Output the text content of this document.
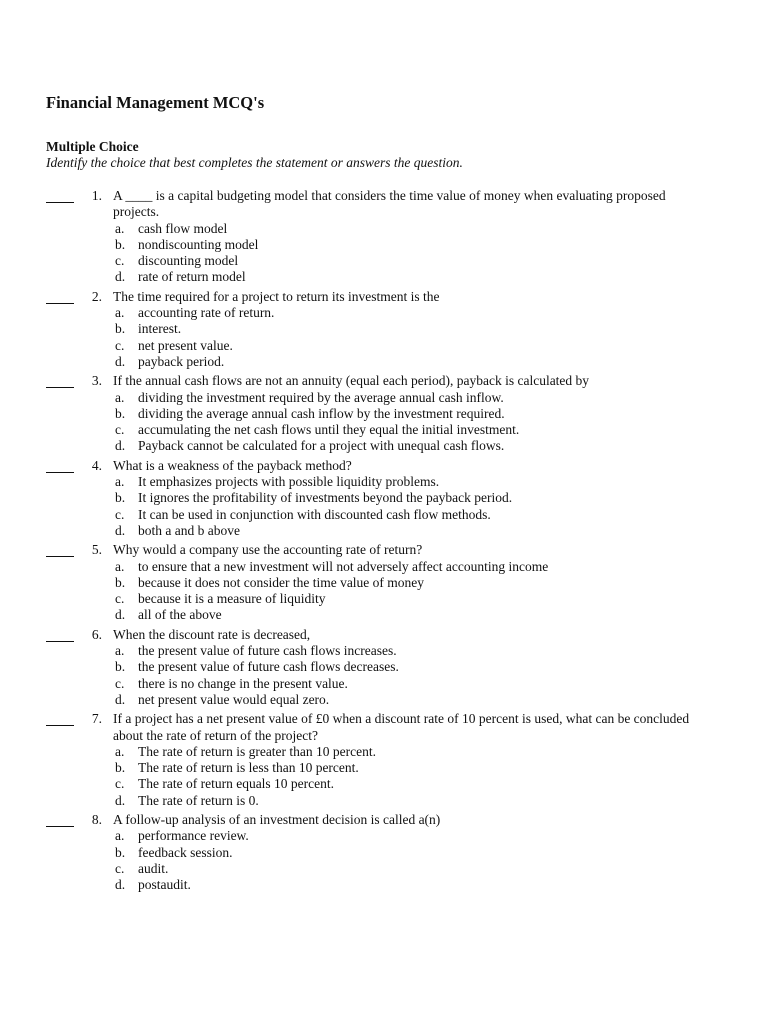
Financial Management MCQ's
Multiple Choice
Identify the choice that best completes the statement or answers the question.
1. A ____ is a capital budgeting model that considers the time value of money when evaluating proposed projects.
a. cash flow model
b. nondiscounting model
c. discounting model
d. rate of return model
2. The time required for a project to return its investment is the
a. accounting rate of return.
b. interest.
c. net present value.
d. payback period.
3. If the annual cash flows are not an annuity (equal each period), payback is calculated by
a. dividing the investment required by the average annual cash inflow.
b. dividing the average annual cash inflow by the investment required.
c. accumulating the net cash flows until they equal the initial investment.
d. Payback cannot be calculated for a project with unequal cash flows.
4. What is a weakness of the payback method?
a. It emphasizes projects with possible liquidity problems.
b. It ignores the profitability of investments beyond the payback period.
c. It can be used in conjunction with discounted cash flow methods.
d. both a and b above
5. Why would a company use the accounting rate of return?
a. to ensure that a new investment will not adversely affect accounting income
b. because it does not consider the time value of money
c. because it is a measure of liquidity
d. all of the above
6. When the discount rate is decreased,
a. the present value of future cash flows increases.
b. the present value of future cash flows decreases.
c. there is no change in the present value.
d. net present value would equal zero.
7. If a project has a net present value of £0 when a discount rate of 10 percent is used, what can be concluded about the rate of return of the project?
a. The rate of return is greater than 10 percent.
b. The rate of return is less than 10 percent.
c. The rate of return equals 10 percent.
d. The rate of return is 0.
8. A follow-up analysis of an investment decision is called a(n)
a. performance review.
b. feedback session.
c. audit.
d. postaudit.
